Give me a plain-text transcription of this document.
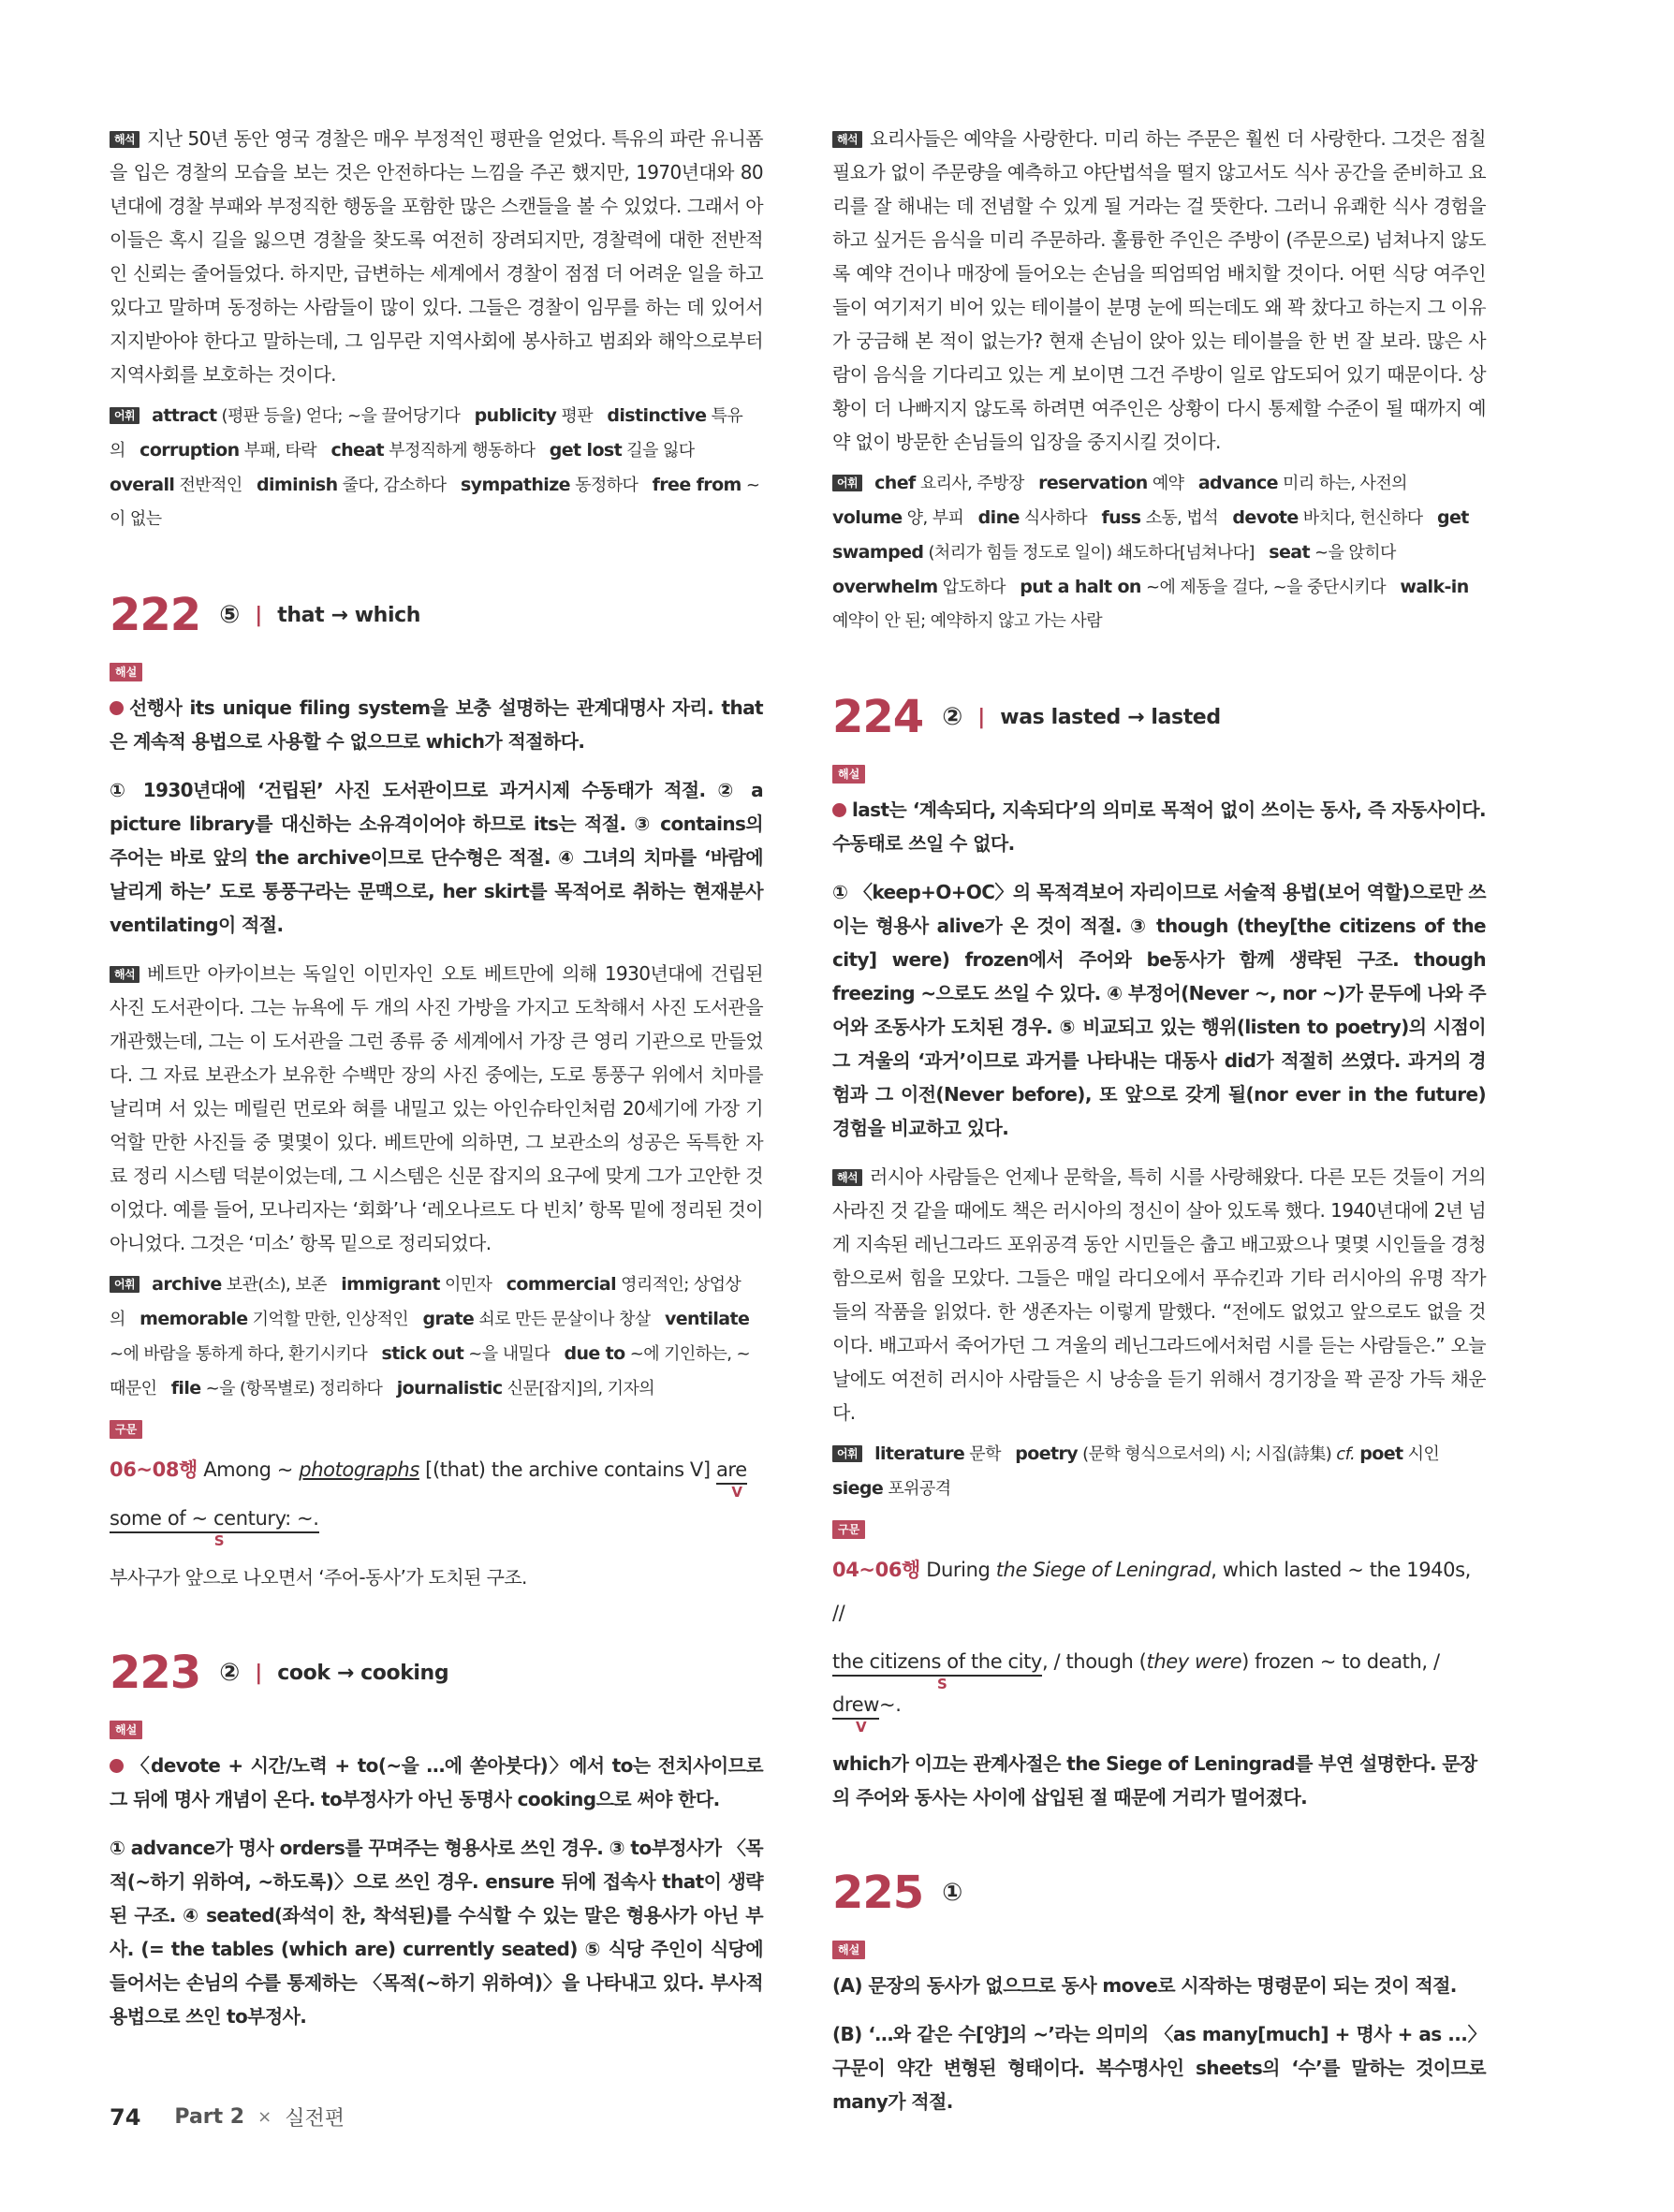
해석 지난 50년 동안 영국 경찰은 매우 부정적인 평판을 얻었다. 특유의 파란 유니폼을 입은 경찰의 모습을 보는 것은 안전하다는 느낌을 주곤 했지만, 1970년대와 80년대에 경찰 부패와 부정직한 행동을 포함한 많은 스캔들을 볼 수 있었다. 그래서 아이들은 혹시 길을 잃으면 경찰을 찾도록 여전히 장려되지만, 경찰력에 대한 전반적인 신뢰는 줄어들었다. 하지만, 급변하는 세계에서 경찰이 점점 더 어려운 일을 하고 있다고 말하며 동정하는 사람들이 많이 있다. 그들은 경찰이 임무를 하는 데 있어서 지지받아야 한다고 말하는데, 그 임무란 지역사회에 봉사하고 범죄와 해악으로부터 지역사회를 보호하는 것이다.

어휘 attract (평판 등을) 얻다; ~을 끌어당기다 publicity 평판 distinctive 특유의 corruption 부패, 타락 cheat 부정직하게 행동하다 get lost 길을 잃다   overall 전반적인 diminish 줄다, 감소하다 sympathize 동정하다 free from ~이 없는

222 ⑤ | that → which
해설

선행사 its unique filing system을 보충 설명하는 관계대명사 자리. that은 계속적 용법으로 사용할 수 없으므로 which가 적절하다.

① 1930년대에 ‘건립된’ 사진 도서관이므로 과거시제 수동태가 적절. ② a picture library를 대신하는 소유격이어야 하므로 its는 적절. ③ contains의 주어는 바로 앞의 the archive이므로 단수형은 적절. ④ 그녀의 치마를 ‘바람에 날리게 하는’ 도로 통풍구라는 문맥으로, her skirt를 목적어로 취하는 현재분사 ventilating이 적절.

해석 베트만 아카이브는 독일인 이민자인 오토 베트만에 의해 1930년대에 건립된 사진 도서관이다. 그는 뉴욕에 두 개의 사진 가방을 가지고 도착해서 사진 도서관을 개관했는데, 그는 이 도서관을 그런 종류 중 세계에서 가장 큰 영리 기관으로 만들었다. 그 자료 보관소가 보유한 수백만 장의 사진 중에는, 도로 통풍구 위에서 치마를 날리며 서 있는 메릴린 먼로와 혀를 내밀고 있는 아인슈타인처럼 20세기에 가장 기억할 만한 사진들 중 몇몇이 있다. 베트만에 의하면, 그 보관소의 성공은 독특한 자료 정리 시스템 덕분이었는데, 그 시스템은 신문 잡지의 요구에 맞게 그가 고안한 것이었다. 예를 들어, 모나리자는 ‘회화’나 ‘레오나르도 다 빈치’ 항목 밑에 정리된 것이 아니었다. 그것은 ‘미소’ 항목 밑으로 정리되었다.

어휘 archive 보관(소), 보존 immigrant 이민자 commercial 영리적인; 상업상의 memorable 기억할 만한, 인상적인 grate 쇠로 만든 문살이나 창살 ventilate ~에 바람을 통하게 하다, 환기시키다 stick out ~을 내밀다 due to ~에 기인하는, ~ 때문인 file ~을 (항목별로) 정리하다 journalistic 신문[잡지]의, 기자의

구문
06~08행 Among ~ photographs [(that) the archive contains V] are
V
some of ~ century: ~.
S

부사구가 앞으로 나오면서 ‘주어-동사’가 도치된 구조.

223 ② | cook → cooking
해설

〈devote + 시간/노력 + to(~을 …에 쏟아붓다)〉에서 to는 전치사이므로 그 뒤에 명사 개념이 온다. to부정사가 아닌 동명사 cooking으로 써야 한다.

① advance가 명사 orders를 꾸며주는 형용사로 쓰인 경우. ③ to부정사가 〈목적(~하기 위하여, ~하도록)〉으로 쓰인 경우. ensure 뒤에 접속사 that이 생략된 구조. ④ seated(좌석이 찬, 착석된)를 수식할 수 있는 말은 형용사가 아닌 부사. (= the tables (which are) currently seated) ⑤ 식당 주인이 식당에 들어서는 손님의 수를 통제하는 〈목적(~하기 위하여)〉을 나타내고 있다. 부사적 용법으로 쓰인 to부정사.

해석 요리사들은 예약을 사랑한다. 미리 하는 주문은 훨씬 더 사랑한다. 그것은 점칠 필요가 없이 주문량을 예측하고 야단법석을 떨지 않고서도 식사 공간을 준비하고 요리를 잘 해내는 데 전념할 수 있게 될 거라는 걸 뜻한다. 그러니 유쾌한 식사 경험을 하고 싶거든 음식을 미리 주문하라. 훌륭한 주인은 주방이 (주문으로) 넘쳐나지 않도록 예약 건이나 매장에 들어오는 손님을 띄엄띄엄 배치할 것이다. 어떤 식당 여주인들이 여기저기 비어 있는 테이블이 분명 눈에 띄는데도 왜 꽉 찼다고 하는지 그 이유가 궁금해 본 적이 없는가? 현재 손님이 앉아 있는 테이블을 한 번 잘 보라. 많은 사람이 음식을 기다리고 있는 게 보이면 그건 주방이 일로 압도되어 있기 때문이다. 상황이 더 나빠지지 않도록 하려면 여주인은 상황이 다시 통제할 수준이 될 때까지 예약 없이 방문한 손님들의 입장을 중지시킬 것이다.

어휘 chef 요리사, 주방장 reservation 예약 advance 미리 하는, 사전의   volume 양, 부피 dine 식사하다 fuss 소동, 법석 devote 바치다, 헌신하다 get swamped (처리가 힘들 정도로 일이) 쇄도하다[넘쳐나다] seat ~을 앉히다   overwhelm 압도하다 put a halt on ~에 제동을 걸다, ~을 중단시키다 walk-in 예약이 안 된; 예약하지 않고 가는 사람

224 ② | was lasted → lasted
해설

last는 ‘계속되다, 지속되다’의 의미로 목적어 없이 쓰이는 동사, 즉 자동사이다. 수동태로 쓰일 수 없다.

① 〈keep+O+OC〉의 목적격보어 자리이므로 서술적 용법(보어 역할)으로만 쓰이는 형용사 alive가 온 것이 적절. ③ though (they[the citizens of the city] were) frozen에서 주어와 be동사가 함께 생략된 구조. though freezing ~으로도 쓰일 수 있다. ④ 부정어(Never ~, nor ~)가 문두에 나와 주어와 조동사가 도치된 경우. ⑤ 비교되고 있는 행위(listen to poetry)의 시점이 그 겨울의 ‘과거’이므로 과거를 나타내는 대동사 did가 적절히 쓰였다. 과거의 경험과 그 이전(Never before), 또 앞으로 갖게 될(nor ever in the future) 경험을 비교하고 있다.

해석 러시아 사람들은 언제나 문학을, 특히 시를 사랑해왔다. 다른 모든 것들이 거의 사라진 것 같을 때에도 책은 러시아의 정신이 살아 있도록 했다. 1940년대에 2년 넘게 지속된 레닌그라드 포위공격 동안 시민들은 춥고 배고팠으나 몇몇 시인들을 경청함으로써 힘을 모았다. 그들은 매일 라디오에서 푸슈킨과 기타 러시아의 유명 작가들의 작품을 읽었다. 한 생존자는 이렇게 말했다. “전에도 없었고 앞으로도 없을 것이다. 배고파서 죽어가던 그 겨울의 레닌그라드에서처럼 시를 듣는 사람들은.” 오늘날에도 여전히 러시아 사람들은 시 낭송을 듣기 위해서 경기장을 꽉 곧장 가득 채운다.

어휘 literature 문학 poetry (문학 형식으로서의) 시; 시집(詩集) cf. poet 시인   siege 포위공격

구문
04~06행 During the Siege of Leningrad, which lasted ~ the 1940s, //
the citizens of the city
S
, / though (they were) frozen ~ to death, / drew
V
~.

which가 이끄는 관계사절은 the Siege of Leningrad를 부연 설명한다. 문장의 주어와 동사는 사이에 삽입된 절 때문에 거리가 멀어졌다.

225 ①
해설

(A) 문장의 동사가 없으므로 동사 move로 시작하는 명령문이 되는 것이 적절.

(B) ‘…와 같은 수[양]의 ~’라는 의미의 〈as many[much] + 명사 + as ...〉 구문이 약간 변형된 형태이다. 복수명사인 sheets의 ‘수’를 말하는 것이므로 many가 적절.

74 Part 2 × 실전편
